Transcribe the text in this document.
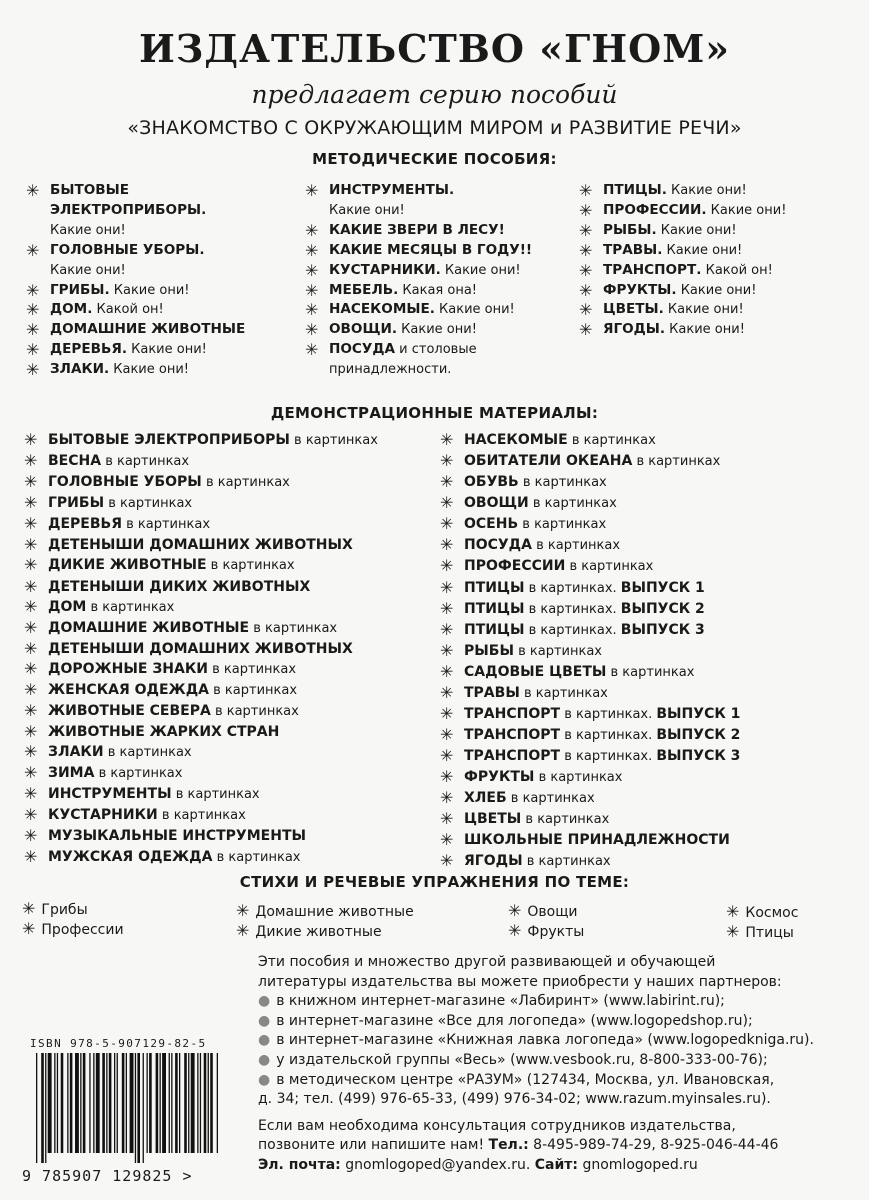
ИЗДАТЕЛЬСТВО «ГНОМ»
предлагает серию пособий
«ЗНАКОМСТВО С ОКРУЖАЮЩИМ МИРОМ и РАЗВИТИЕ РЕЧИ»
МЕТОДИЧЕСКИЕ ПОСОБИЯ:
✳ БЫТОВЫЕ
ЭЛЕКТРОПРИБОРЫ.
Какие они!
✳ ГОЛОВНЫЕ УБОРЫ.
Какие они!
✳ ГРИБЫ. Какие они!
✳ ДОМ. Какой он!
✳ ДОМАШНИЕ ЖИВОТНЫЕ
✳ ДЕРЕВЬЯ. Какие они!
✳ ЗЛАКИ. Какие они!
✳ ИНСТРУМЕНТЫ.
Какие они!
✳ КАКИЕ ЗВЕРИ В ЛЕСУ!
✳ КАКИЕ МЕСЯЦЫ В ГОДУ!!
✳ КУСТАРНИКИ. Какие они!
✳ МЕБЕЛЬ. Какая она!
✳ НАСЕКОМЫЕ. Какие они!
✳ ОВОЩИ. Какие они!
✳ ПОСУДА и столовые
принадлежности.
✳ ПТИЦЫ. Какие они!
✳ ПРОФЕССИИ. Какие они!
✳ РЫБЫ. Какие они!
✳ ТРАВЫ. Какие они!
✳ ТРАНСПОРТ. Какой он!
✳ ФРУКТЫ. Какие они!
✳ ЦВЕТЫ. Какие они!
✳ ЯГОДЫ. Какие они!
ДЕМОНСТРАЦИОННЫЕ МАТЕРИАЛЫ:
✳ БЫТОВЫЕ ЭЛЕКТРОПРИБОРЫ в картинках
✳ ВЕСНА в картинках
✳ ГОЛОВНЫЕ УБОРЫ в картинках
✳ ГРИБЫ в картинках
✳ ДЕРЕВЬЯ в картинках
✳ ДЕТЕНЫШИ ДОМАШНИХ ЖИВОТНЫХ
✳ ДИКИЕ ЖИВОТНЫЕ в картинках
✳ ДЕТЕНЫШИ ДИКИХ ЖИВОТНЫХ
✳ ДОМ в картинках
✳ ДОМАШНИЕ ЖИВОТНЫЕ в картинках
✳ ДЕТЕНЫШИ ДОМАШНИХ ЖИВОТНЫХ
✳ ДОРОЖНЫЕ ЗНАКИ в картинках
✳ ЖЕНСКАЯ ОДЕЖДА в картинках
✳ ЖИВОТНЫЕ СЕВЕРА в картинках
✳ ЖИВОТНЫЕ ЖАРКИХ СТРАН
✳ ЗЛАКИ в картинках
✳ ЗИМА в картинках
✳ ИНСТРУМЕНТЫ в картинках
✳ КУСТАРНИКИ в картинках
✳ МУЗЫКАЛЬНЫЕ ИНСТРУМЕНТЫ
✳ МУЖСКАЯ ОДЕЖДА в картинках
✳ НАСЕКОМЫЕ в картинках
✳ ОБИТАТЕЛИ ОКЕАНА в картинках
✳ ОБУВЬ в картинках
✳ ОВОЩИ в картинках
✳ ОСЕНЬ в картинках
✳ ПОСУДА в картинках
✳ ПРОФЕССИИ в картинках
✳ ПТИЦЫ в картинках. ВЫПУСК 1
✳ ПТИЦЫ в картинках. ВЫПУСК 2
✳ ПТИЦЫ в картинках. ВЫПУСК 3
✳ РЫБЫ в картинках
✳ САДОВЫЕ ЦВЕТЫ в картинках
✳ ТРАВЫ в картинках
✳ ТРАНСПОРТ в картинках. ВЫПУСК 1
✳ ТРАНСПОРТ в картинках. ВЫПУСК 2
✳ ТРАНСПОРТ в картинках. ВЫПУСК 3
✳ ФРУКТЫ в картинках
✳ ХЛЕБ в картинках
✳ ЦВЕТЫ в картинках
✳ ШКОЛЬНЫЕ ПРИНАДЛЕЖНОСТИ
✳ ЯГОДЫ в картинках
СТИХИ И РЕЧЕВЫЕ УПРАЖНЕНИЯ ПО ТЕМЕ:
✳ Грибы
✳ Профессии
✳ Домашние животные
✳ Дикие животные
✳ Овощи
✳ Фрукты
✳ Космос
✳ Птицы
ISBN 978-5-907129-82-5
9 785907 129825 >
Эти пособия и множество другой развивающей и обучающей
литературы издательства вы можете приобрести у наших партнеров:
● в книжном интернет-магазине «Лабиринт» (www.labirint.ru);
● в интернет-магазине «Все для логопеда» (www.logopedshop.ru);
● в интернет-магазине «Книжная лавка логопеда» (www.logopedkniga.ru).
● у издательской группы «Весь» (www.vesbook.ru, 8-800-333-00-76);
● в методическом центре «РАЗУМ» (127434, Москва, ул. Ивановская,
д. 34; тел. (499) 976-65-33, (499) 976-34-02; www.razum.myinsales.ru).
Если вам необходима консультация сотрудников издательства,
позвоните или напишите нам! Тел.: 8-495-989-74-29, 8-925-046-44-46
Эл. почта: gnomlogoped@yandex.ru. Сайт: gnomlogoped.ru
